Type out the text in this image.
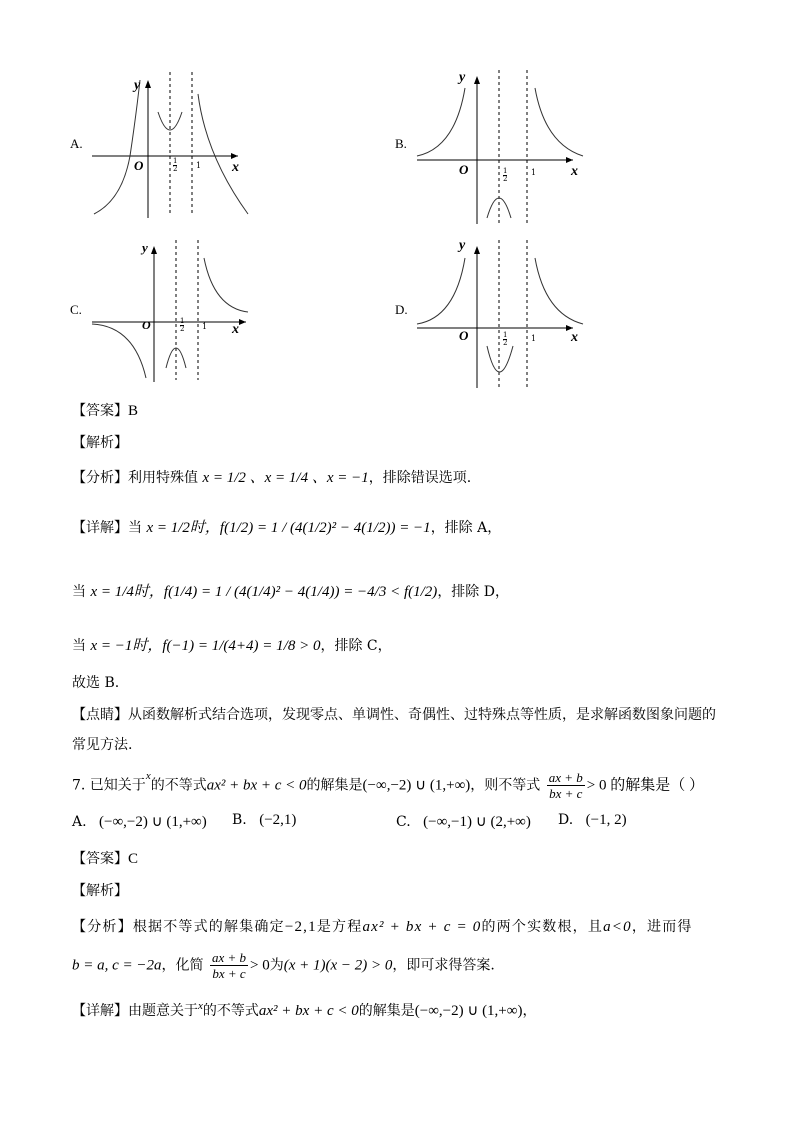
A.
y
x
O	1
2 1
B.
y
x
O	1
2
1
C.
y
x
O	1
2 1
D.
y
x
O	1
2	1
【答案】B
【解析】
【分析】利用特殊值 x = 1/2 、x = 1/4 、x = −1，排除错误选项.
【详解】当 x = 1/2时，f(1/2) = 1 / (4(1/2)² − 4(1/2)) = −1，排除 A，
当 x = 1/4时，f(1/4) = 1 / (4(1/4)² − 4(1/4)) = −4/3 < f(1/2)，排除 D，
当 x = −1时，f(−1) = 1/(4+4) = 1/8 > 0，排除 C，
故选 B.
【点睛】从函数解析式结合选项，发现零点、单调性、奇偶性、过特殊点等性质，是求解函数图象问题的
常见方法.
7. 已知关于$^x$的不等式ax² + bx + c < 0的解集是(−∞,−2) ∪ (1,+∞)，则不等式 $\frac{ax + b}{bx + c} > 0$ 的解集是（ ）
A. (−∞,−2) ∪ (1,+∞) B. (−2,1)	C. (−∞,−1) ∪ (2,+∞) D. (−1, 2)
【答案】C
【解析】
【分析】根据不等式的解集确定−2,1是方程ax² + bx + c = 0的两个实数根，且a<0，进而得
b = a, c = −2a，化简 $\frac{ax + b}{bx + c} > 0$为(x + 1)(x − 2) > 0，即可求得答案.
【详解】由题意关于$^x$的不等式ax² + bx + c < 0的解集是(−∞,−2) ∪ (1,+∞)，
